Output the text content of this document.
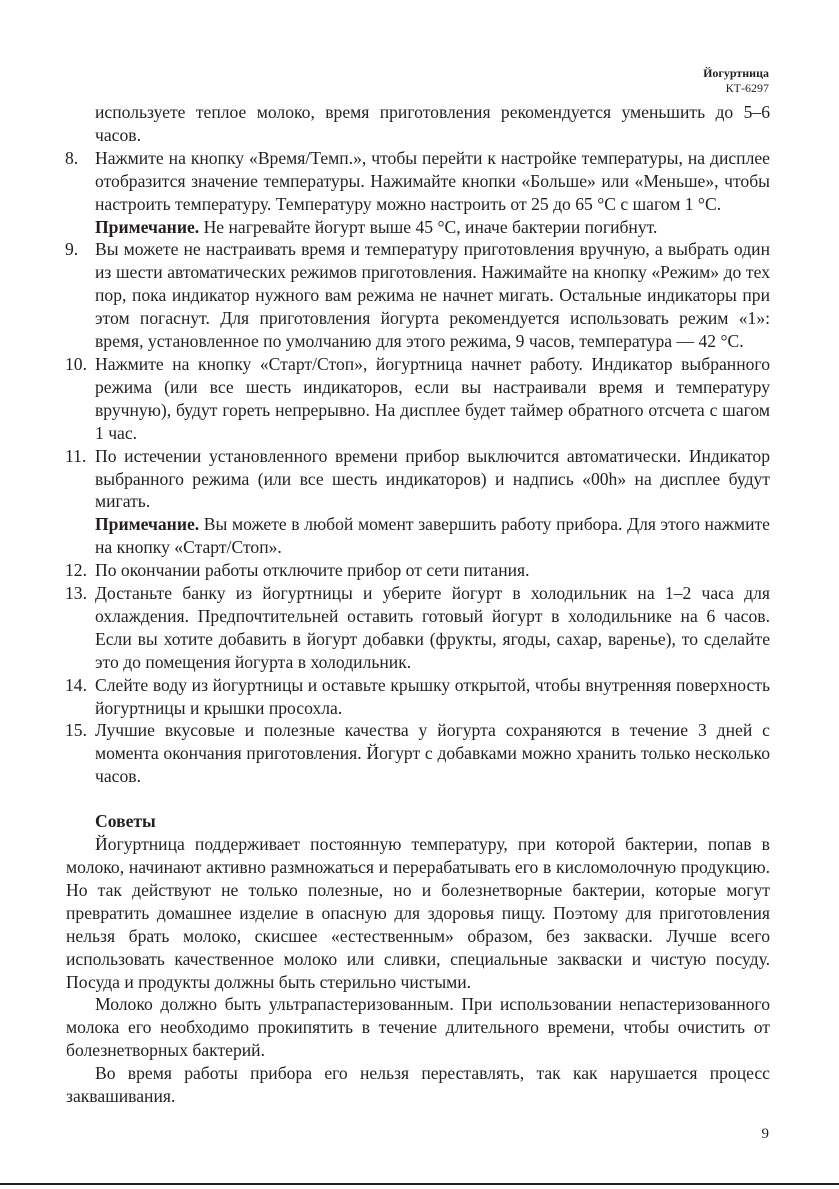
Йогуртница
КТ-6297

используете теплое молоко, время приготовления рекомендуется уменьшить до 5–6 часов.

8. Нажмите на кнопку «Время/Темп.», чтобы перейти к настройке температуры, на дисплее отобразится значение температуры. Нажимайте кнопки «Больше» или «Меньше», чтобы настроить температуру. Температуру можно настроить от 25 до 65 °C с шагом 1 °C.
Примечание. Не нагревайте йогурт выше 45 °C, иначе бактерии погибнут.
9. Вы можете не настраивать время и температуру приготовления вручную, а выбрать один из шести автоматических режимов приготовления. Нажимайте на кнопку «Режим» до тех пор, пока индикатор нужного вам режима не начнет мигать. Остальные индикаторы при этом погаснут. Для приготовления йогурта рекомендуется использовать режим «1»: время, установленное по умолчанию для этого режима, 9 часов, температура — 42 °C.
10. Нажмите на кнопку «Старт/Стоп», йогуртница начнет работу. Индикатор выбранного режима (или все шесть индикаторов, если вы настраивали время и температуру вручную), будут гореть непрерывно. На дисплее будет таймер обратного отсчета с шагом 1 час.
11. По истечении установленного времени прибор выключится автоматически. Индикатор выбранного режима (или все шесть индикаторов) и надпись «00h» на дисплее будут мигать.
Примечание. Вы можете в любой момент завершить работу прибора. Для этого нажмите на кнопку «Старт/Стоп».
12. По окончании работы отключите прибор от сети питания.
13. Достаньте банку из йогуртницы и уберите йогурт в холодильник на 1–2 часа для охлаждения. Предпочтительней оставить готовый йогурт в холодильнике на 6 часов. Если вы хотите добавить в йогурт добавки (фрукты, ягоды, сахар, варенье), то сделайте это до помещения йогурта в холодильник.
14. Слейте воду из йогуртницы и оставьте крышку открытой, чтобы внутренняя поверхность йогуртницы и крышки просохла.
15. Лучшие вкусовые и полезные качества у йогурта сохраняются в течение 3 дней с момента окончания приготовления. Йогурт с добавками можно хранить только несколько часов.
Советы

Йогуртница поддерживает постоянную температуру, при которой бактерии, попав в молоко, начинают активно размножаться и перерабатывать его в кисломолочную продукцию. Но так действуют не только полезные, но и болезнетворные бактерии, которые могут превратить домашнее изделие в опасную для здоровья пищу. Поэтому для приготовления нельзя брать молоко, скисшее «естественным» образом, без закваски. Лучше всего использовать качественное молоко или сливки, специальные закваски и чистую посуду. Посуда и продукты должны быть стерильно чистыми.

Молоко должно быть ультрапастеризованным. При использовании непастеризованного молока его необходимо прокипятить в течение длительного времени, чтобы очистить от болезнетворных бактерий.

Во время работы прибора его нельзя переставлять, так как нарушается процесс заквашивания.

9
